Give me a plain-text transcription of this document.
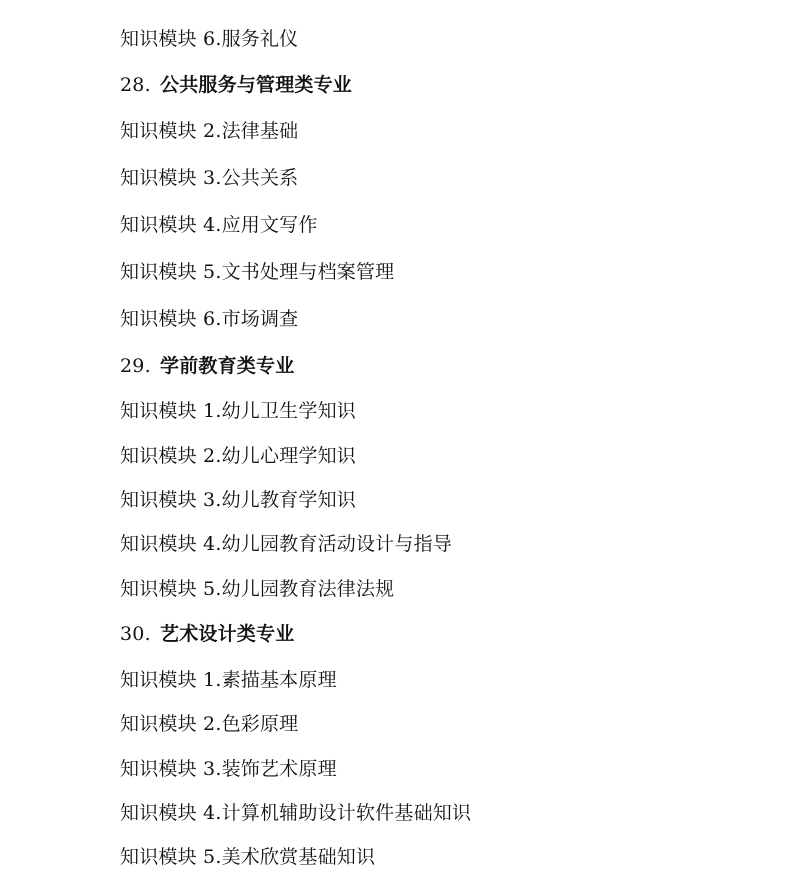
知识模块 6.服务礼仪
28. 公共服务与管理类专业
知识模块 2.法律基础
知识模块 3.公共关系
知识模块 4.应用文写作
知识模块 5.文书处理与档案管理
知识模块 6.市场调查
29. 学前教育类专业
知识模块 1.幼儿卫生学知识
知识模块 2.幼儿心理学知识
知识模块 3.幼儿教育学知识
知识模块 4.幼儿园教育活动设计与指导
知识模块 5.幼儿园教育法律法规
30. 艺术设计类专业
知识模块 1.素描基本原理
知识模块 2.色彩原理
知识模块 3.装饰艺术原理
知识模块 4.计算机辅助设计软件基础知识
知识模块 5.美术欣赏基础知识
